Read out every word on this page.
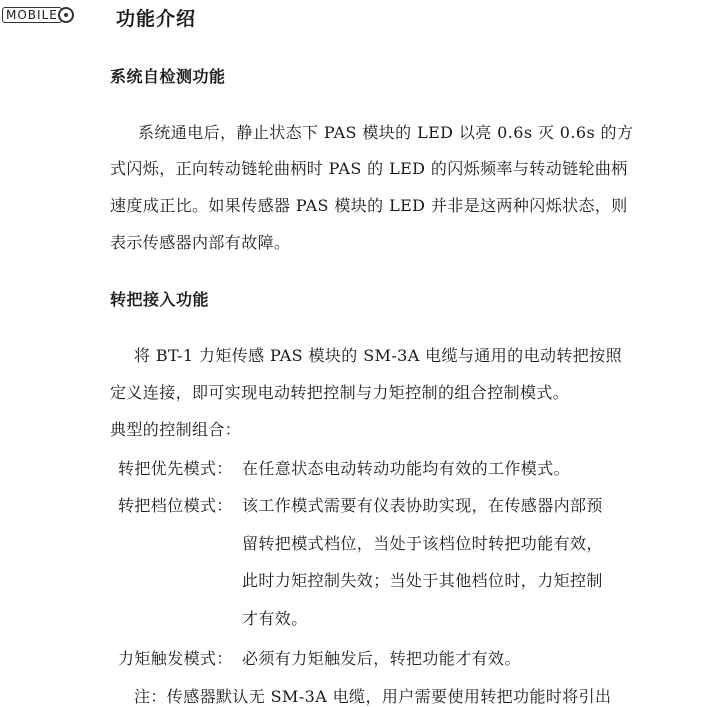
MOBILE	功能介绍
系统自检测功能
系统通电后，静止状态下 PAS 模块的 LED 以亮 0.6s 灭 0.6s 的方
式闪烁，正向转动链轮曲柄时 PAS 的 LED 的闪烁频率与转动链轮曲柄
速度成正比。如果传感器 PAS 模块的 LED 并非是这两种闪烁状态，则
表示传感器内部有故障。
转把接入功能
将 BT-1 力矩传感 PAS 模块的 SM-3A 电缆与通用的电动转把按照
定义连接，即可实现电动转把控制与力矩控制的组合控制模式。
典型的控制组合：
转把优先模式： 在任意状态电动转动功能均有效的工作模式。
转把档位模式： 该工作模式需要有仪表协助实现，在传感器内部预
留转把模式档位，当处于该档位时转把功能有效，
此时力矩控制失效；当处于其他档位时，力矩控制
才有效。
力矩触发模式： 必须有力矩触发后，转把功能才有效。
注：传感器默认无 SM-3A 电缆，用户需要使用转把功能时将引出
